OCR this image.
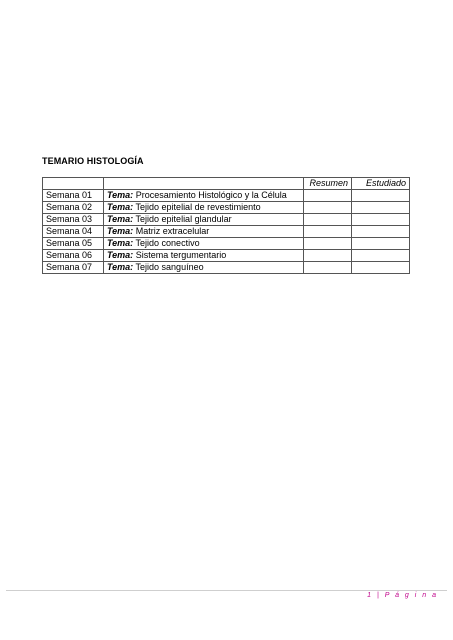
TEMARIO HISTOLOGÍA
		Resumen	Estudiado
Semana 01	Tema: Procesamiento Histológico y la Célula		
Semana 02	Tema: Tejido epitelial de revestimiento		
Semana 03	Tema: Tejido epitelial glandular		
Semana 04	Tema: Matriz extracelular		
Semana 05	Tema: Tejido conectivo		
Semana 06	Tema: Sistema tergumentario		
Semana 07	Tema: Tejido sanguíneo		
1 | P á g i n a
